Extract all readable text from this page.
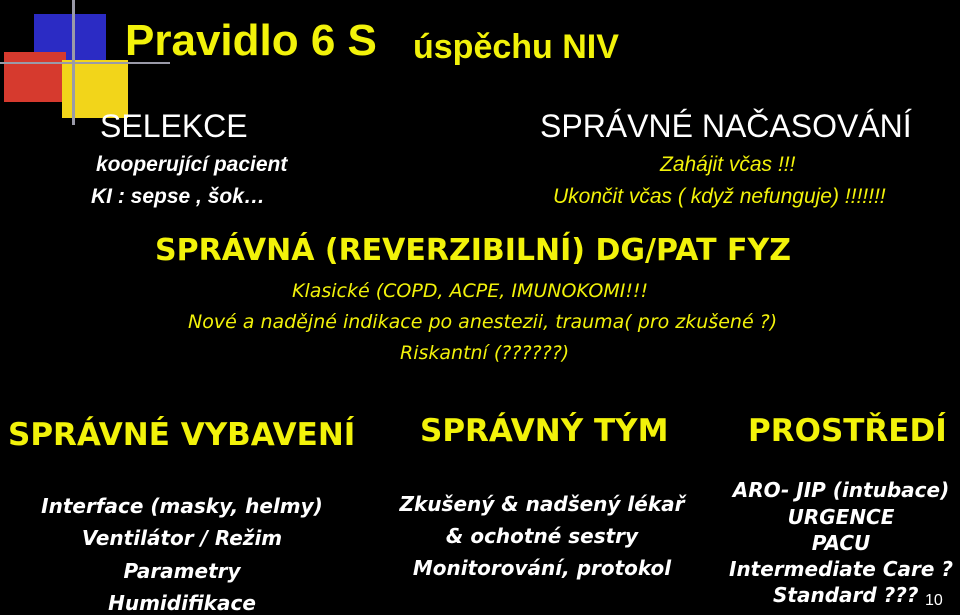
Pravidlo 6 S úspěchu NIV
SELEKCE
kooperující pacient
KI : sepse , šok…
SPRÁVNÉ NAČASOVÁNÍ
Zahájit včas !!!
Ukončit včas ( když nefunguje) !!!!!!!
SPRÁVNÁ (REVERZIBILNÍ) DG/PAT FYZ
Klasické (COPD, ACPE, IMUNOKOMI!!!
Nové a nadějné indikace po anestezii, trauma( pro zkušené ?)
Riskantní (??????)
SPRÁVNÉ VYBAVENÍ
Interface (masky, helmy)
Ventilátor / Režim
Parametry
Humidifikace
SPRÁVNÝ TÝM
Zkušený & nadšený lékař
& ochotné sestry
Monitorování, protokol
PROSTŘEDÍ
ARO- JIP (intubace)
URGENCE
PACU
Intermediate Care ?
Standard ??? 10
